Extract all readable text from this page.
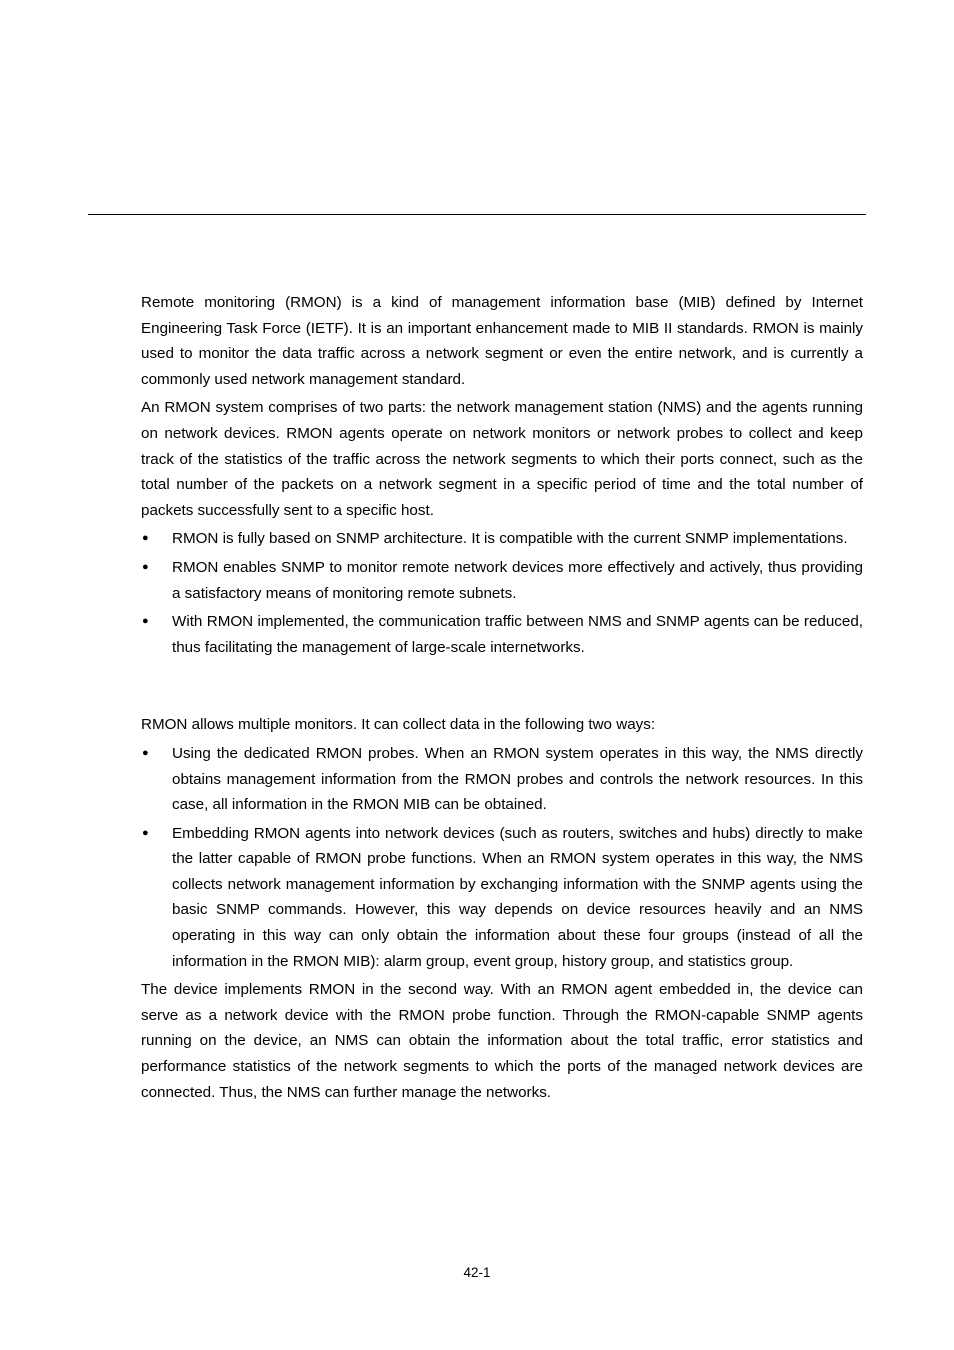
Remote monitoring (RMON) is a kind of management information base (MIB) defined by Internet Engineering Task Force (IETF). It is an important enhancement made to MIB II standards. RMON is mainly used to monitor the data traffic across a network segment or even the entire network, and is currently a commonly used network management standard.

An RMON system comprises of two parts: the network management station (NMS) and the agents running on network devices. RMON agents operate on network monitors or network probes to collect and keep track of the statistics of the traffic across the network segments to which their ports connect, such as the total number of the packets on a network segment in a specific period of time and the total number of packets successfully sent to a specific host.

● RMON is fully based on SNMP architecture. It is compatible with the current SNMP implementations.
● RMON enables SNMP to monitor remote network devices more effectively and actively, thus providing a satisfactory means of monitoring remote subnets.
● With RMON implemented, the communication traffic between NMS and SNMP agents can be reduced, thus facilitating the management of large-scale internetworks.

RMON allows multiple monitors. It can collect data in the following two ways:

● Using the dedicated RMON probes. When an RMON system operates in this way, the NMS directly obtains management information from the RMON probes and controls the network resources. In this case, all information in the RMON MIB can be obtained.
● Embedding RMON agents into network devices (such as routers, switches and hubs) directly to make the latter capable of RMON probe functions. When an RMON system operates in this way, the NMS collects network management information by exchanging information with the SNMP agents using the basic SNMP commands. However, this way depends on device resources heavily and an NMS operating in this way can only obtain the information about these four groups (instead of all the information in the RMON MIB): alarm group, event group, history group, and statistics group.

The device implements RMON in the second way. With an RMON agent embedded in, the device can serve as a network device with the RMON probe function. Through the RMON-capable SNMP agents running on the device, an NMS can obtain the information about the total traffic, error statistics and performance statistics of the network segments to which the ports of the managed network devices are connected. Thus, the NMS can further manage the networks.

42-1
